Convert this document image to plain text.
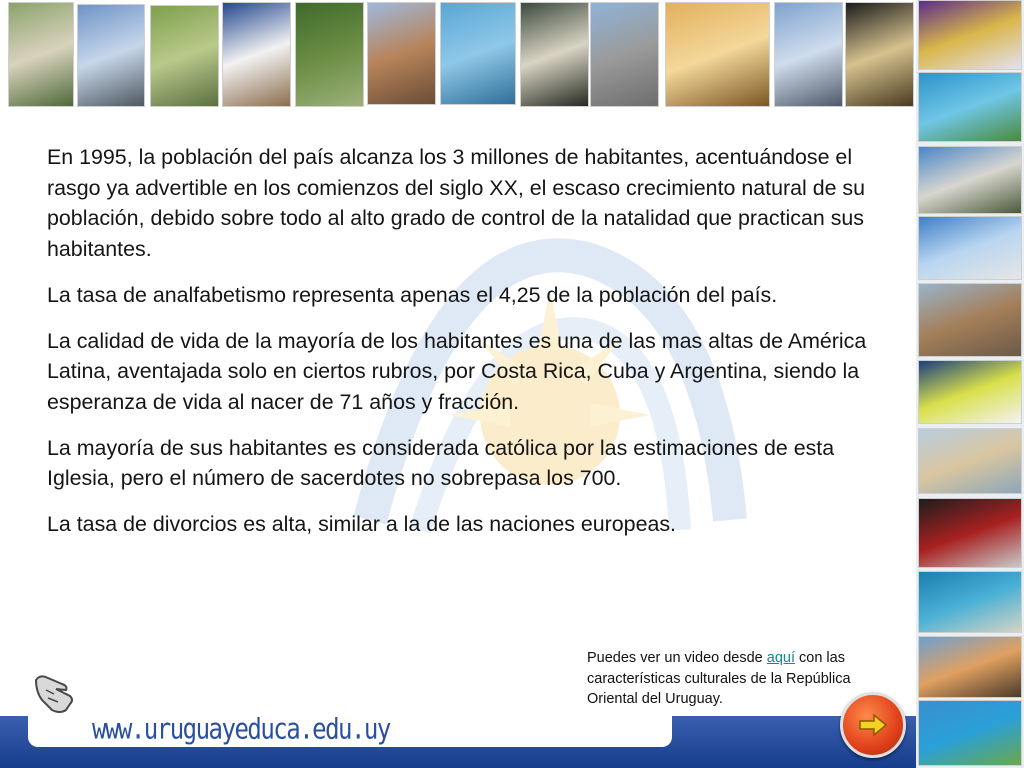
En 1995, la población del país alcanza los 3 millones de habitantes, acentuándose el rasgo ya advertible en los comienzos del siglo XX, el escaso crecimiento natural de su población, debido sobre todo al alto grado de control de la natalidad que practican sus habitantes.

La tasa de analfabetismo representa apenas el 4,25 de la población del país.

La calidad de vida de la mayoría de los habitantes es una de las mas altas de América Latina, aventajada solo en ciertos rubros, por Costa Rica, Cuba y Argentina, siendo la esperanza de vida al nacer de 71 años y fracción.

La mayoría de sus habitantes es considerada católica por las estimaciones de esta Iglesia, pero el número de sacerdotes no sobrepasa los 700.

La tasa de divorcios es alta, similar a la de las naciones europeas.

Puedes ver un video desde aquí con las características culturales de la República Oriental del Uruguay.
www.uruguayeduca.edu.uy
